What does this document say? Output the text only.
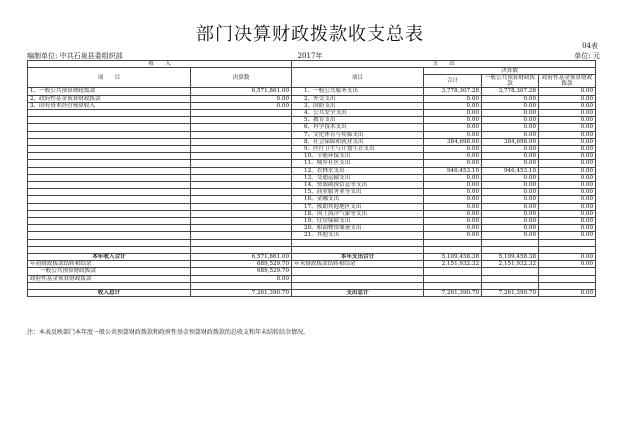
部门决算财政拨款收支总表
04表
编制单位: 中共石泉县委组织部	2017年	单位: 元
收　　入		支　　出			
项　　目	决算数	项目	决算数		
			合计	一般公共预算财政拨款	政府性基金预算财政拨款

1、一般公共预算财政拨款	6,571,861.00	1、一般公共服务支出	3,778,307.28	3,778,307.28	0.00
2、政府性基金预算财政拨款	0.00	2、外交支出	0.00	0.00	0.00
3、国有资本经营预算收入	0.00	3、国防支出	0.00	0.00	0.00
		4、公共安全支出	0.00	0.00	0.00
		5、教育支出	0.00	0.00	0.00
		6、科学技术支出	0.00	0.00	0.00
		7、文化体育与传媒支出	0.00	0.00	0.00
		8、社会保障和就业支出	384,698.00	384,698.00	0.00
		9、医疗卫生与计划生育支出	0.00	0.00	0.00
		10、节能环保支出	0.00	0.00	0.00
		11、城乡社区支出	0.00	0.00	0.00
		12、农林水支出	946,453.10	946,453.10	0.00
		13、交通运输支出	0.00	0.00	0.00
		14、资源勘探信息等支出	0.00	0.00	0.00
		15、商业服务业等支出	0.00	0.00	0.00
		16、金融支出	0.00	0.00	0.00
		17、援助其他地区支出	0.00	0.00	0.00
		18、国土海洋气象等支出	0.00	0.00	0.00
		19、住房保障支出	0.00	0.00	0.00
		20、粮油物资储备支出	0.00	0.00	0.00
		21、其他支出	0.00	0.00	0.00

本年收入合计	6,571,861.00	本年支出合计	5,109,458.38	5,109,458.38	0.00
年初财政拨款结转和结余	689,529.70	年末财政拨款结转和结余	2,151,932.32	2,151,932.32	0.00
一般公共预算财政拨款	689,529.70				
政府性基金预算财政拨款	0.00				

收入总计	7,261,390.70	支出总计	7,261,390.70	7,261,390.70	0.00
注：本表反映部门本年度一般公共预算财政拨款和政府性基金预算财政拨款的总收支和年末结转结余情况。
